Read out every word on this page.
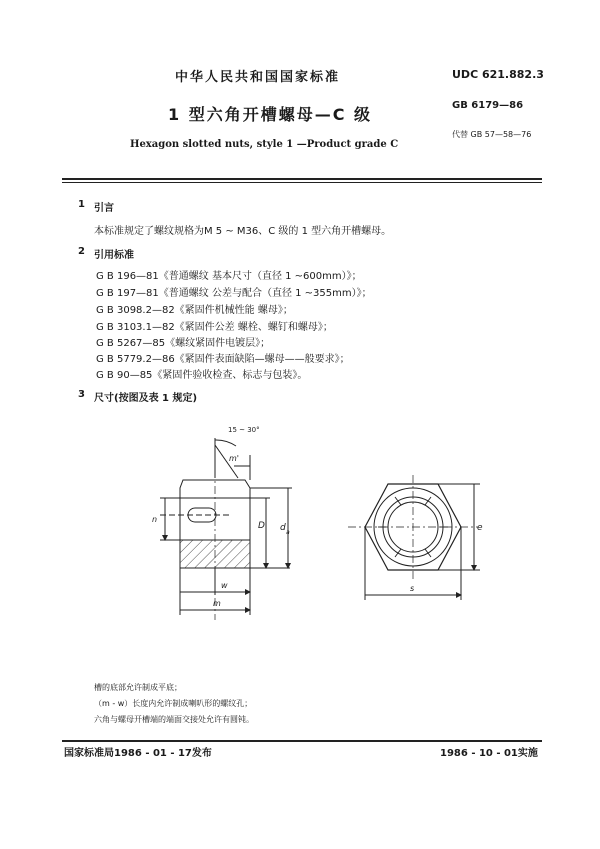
中华人民共和国国家标准	UDC 621.882.3
1 型六角开槽螺母—C 级	GB 6179—86
Hexagon slotted nuts, style 1 —Product grade C
代替 GB 57—58—76
1 引言
本标准规定了螺纹规格为M 5 ~ M36、C 级的 1 型六角开槽螺母。
2 引用标准
G B 196—81《普通螺纹 基本尺寸（直径 1 ~600mm）》；
G B 197—81《普通螺纹 公差与配合（直径 1 ~355mm）》；
G B 3098.2—82《紧固件机械性能 螺母》；
G B 3103.1—82《紧固件公差 螺栓、螺钉和螺母》；
G B 5267—85《螺纹紧固件电镀层》；
G B 5779.2—86《紧固件表面缺陷—螺母——般要求》；
G B 90—85《紧固件验收检查、标志与包装》。
3 尺寸(按图及表 1 规定)
15 ~ 30°
m'
n
D d a
w
m
e
s
槽的底部允许制成平底；
（m - w）长度内允许制成喇叭形的螺纹孔；
六角与螺母开槽端的端面交接处允许有圆钝。
国家标准局1986 - 01 - 17发布	1986 - 10 - 01实施
